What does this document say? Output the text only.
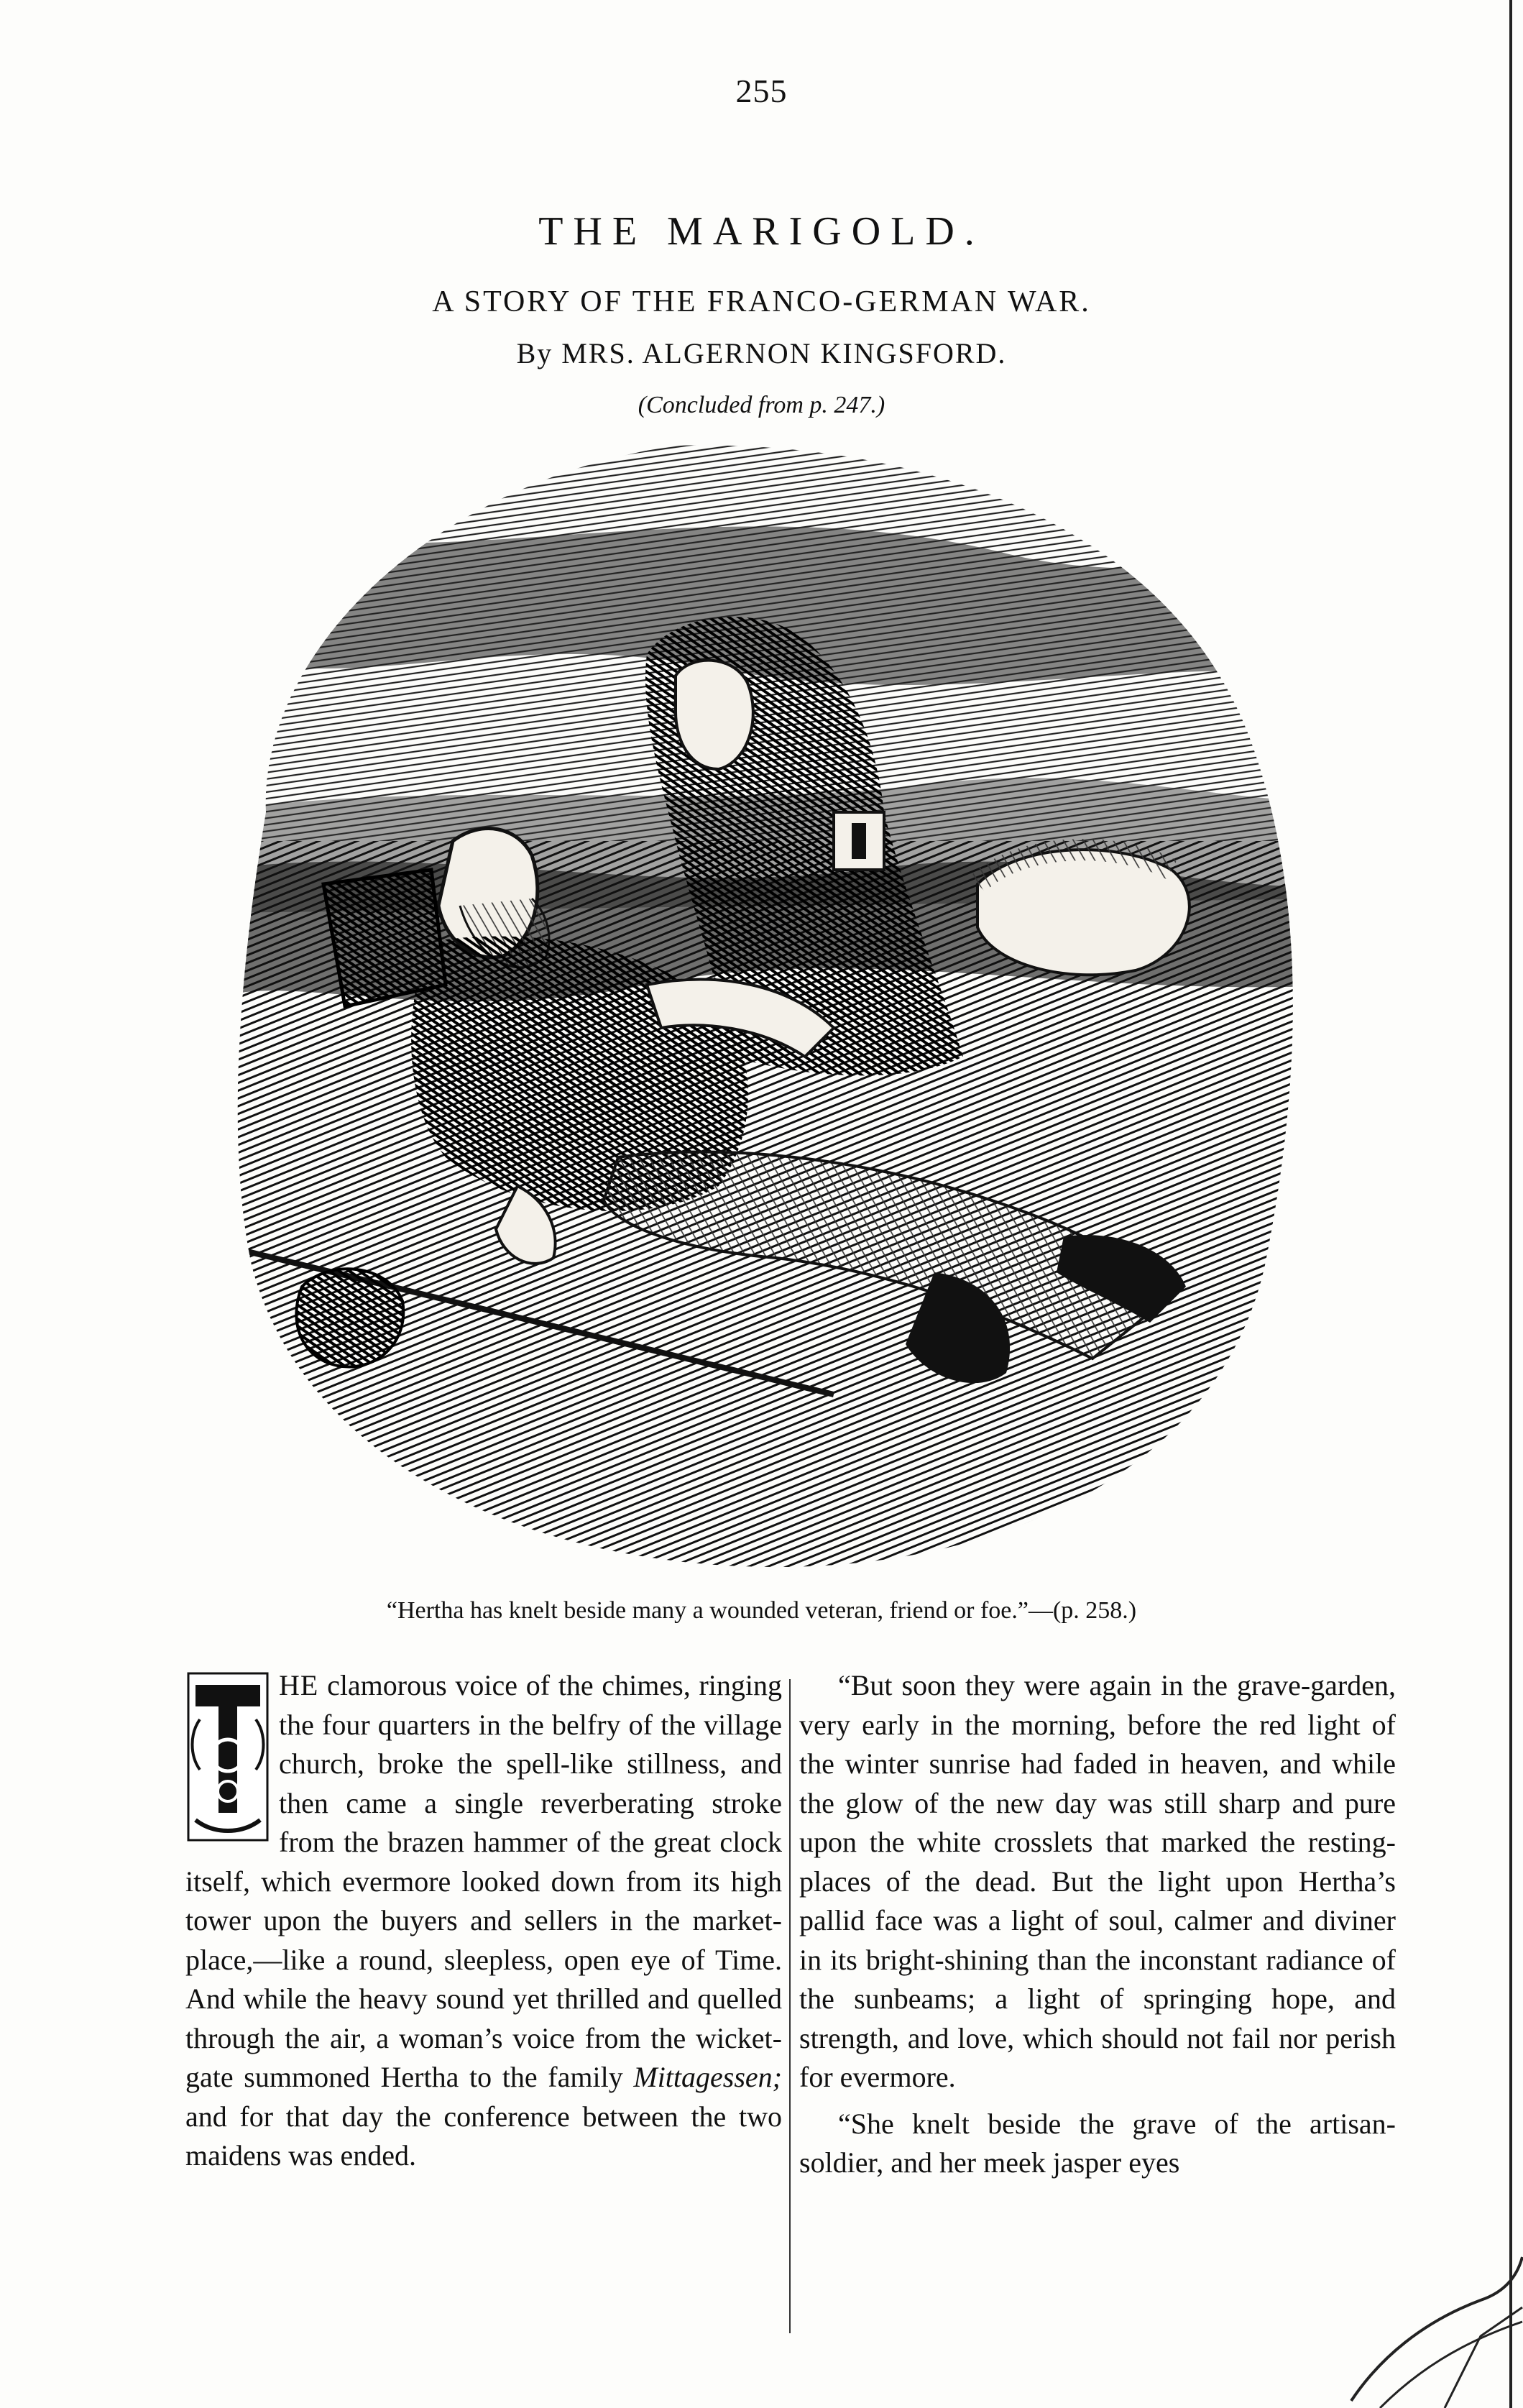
255
THE MARIGOLD.
A STORY OF THE FRANCO-GERMAN WAR.
By MRS. ALGERNON KINGSFORD.
(Concluded from p. 247.)
“Hertha has knelt beside many a wounded veteran, friend or foe.”—(p. 258.)

HE clamorous voice of the chimes, ringing the four quarters in the belfry of the village church, broke the spell-like stillness, and then came a single reverberating stroke from the brazen hammer of the great clock itself, which evermore looked down from its high tower upon the buyers and sellers in the market-place,—like a round, sleepless, open eye of Time. And while the heavy sound yet thrilled and quelled through the air, a woman’s voice from the wicket-gate summoned Hertha to the family Mittagessen; and for that day the conference between the two maidens was ended.

“But soon they were again in the grave-garden, very early in the morning, before the red light of the winter sunrise had faded in heaven, and while the glow of the new day was still sharp and pure upon the white crosslets that marked the resting-places of the dead. But the light upon Hertha’s pallid face was a light of soul, calmer and diviner in its bright-shining than the inconstant radiance of the sunbeams; a light of springing hope, and strength, and love, which should not fail nor perish for evermore.

“She knelt beside the grave of the artisan-soldier, and her meek jasper eyes
